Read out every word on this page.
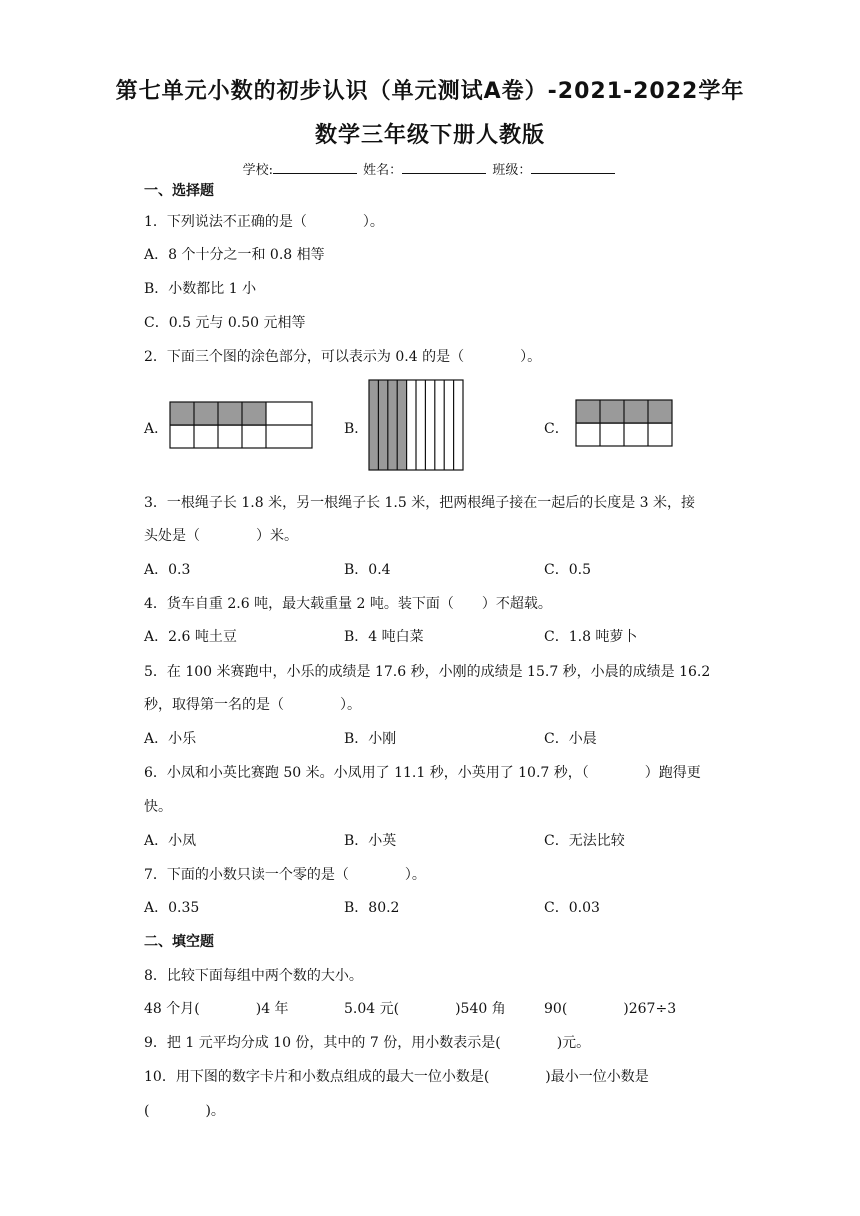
第七单元小数的初步认识（单元测试A卷）-2021-2022学年
数学三年级下册人教版
学校:	姓名：	班级：
一、选择题
1．下列说法不正确的是（　　　　）。
A．8 个十分之一和 0.8 相等
B．小数都比 1 小
C．0.5 元与 0.50 元相等
2．下面三个图的涂色部分，可以表示为 0.4 的是（　　　　）。
A．	B．	C．
3．一根绳子长 1.8 米，另一根绳子长 1.5 米，把两根绳子接在一起后的长度是 3 米，接
头处是（　　　　）米。
A．0.3	B．0.4	C．0.5
4．货车自重 2.6 吨，最大载重量 2 吨。装下面（　　）不超载。
A．2.6 吨土豆	B．4 吨白菜	C．1.8 吨萝卜
5．在 100 米赛跑中，小乐的成绩是 17.6 秒，小刚的成绩是 15.7 秒，小晨的成绩是 16.2
秒，取得第一名的是（　　　　）。
A．小乐	B．小刚	C．小晨
6．小凤和小英比赛跑 50 米。小凤用了 11.1 秒，小英用了 10.7 秒，（　　　　）跑得更
快。
A．小凤	B．小英	C．无法比较
7．下面的小数只读一个零的是（　　　　）。
A．0.35	B．80.2	C．0.03
二、填空题
8．比较下面每组中两个数的大小。
48 个月(　　　　)4 年	5.04 元(　　　　)540 角	90(　　　　)267÷3
9．把 1 元平均分成 10 份，其中的 7 份，用小数表示是(　　　　)元。
10．用下图的数字卡片和小数点组成的最大一位小数是(　　　　)最小一位小数是
(　　　　)。
